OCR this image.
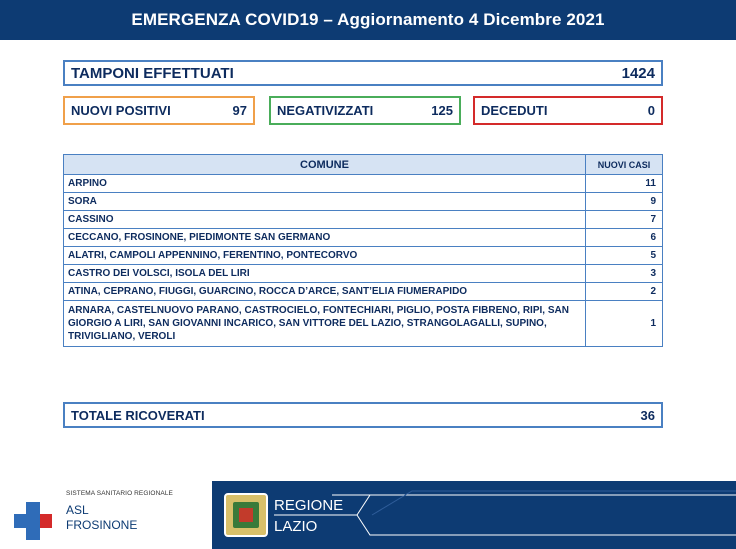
EMERGENZA COVID19 – Aggiornamento 4 Dicembre 2021
TAMPONI EFFETTUATI	1424
NUOVI POSITIVI	97 NEGATIVIZZATI	125 DECEDUTI	0
COMUNE	NUOVI CASI
ARPINO	11
SORA	9
CASSINO	7
CECCANO, FROSINONE, PIEDIMONTE SAN GERMANO	6
ALATRI, CAMPOLI APPENNINO, FERENTINO, PONTECORVO	5
CASTRO DEI VOLSCI, ISOLA DEL LIRI	3
ATINA, CEPRANO, FIUGGI, GUARCINO, ROCCA D’ARCE, SANT’ELIA FIUMERAPIDO	2
ARNARA, CASTELNUOVO PARANO, CASTROCIELO, FONTECHIARI, PIGLIO, POSTA FIBRENO, RIPI, SAN GIORGIO A LIRI, SAN GIOVANNI INCARICO, SAN VITTORE DEL LAZIO, STRANGOLAGALLI, SUPINO, TRIVIGLIANO, VEROLI	1
TOTALE RICOVERATI	36
SISTEMA SANITARIO REGIONALE
ASL
FROSINONE
REGIONE
LAZIO
